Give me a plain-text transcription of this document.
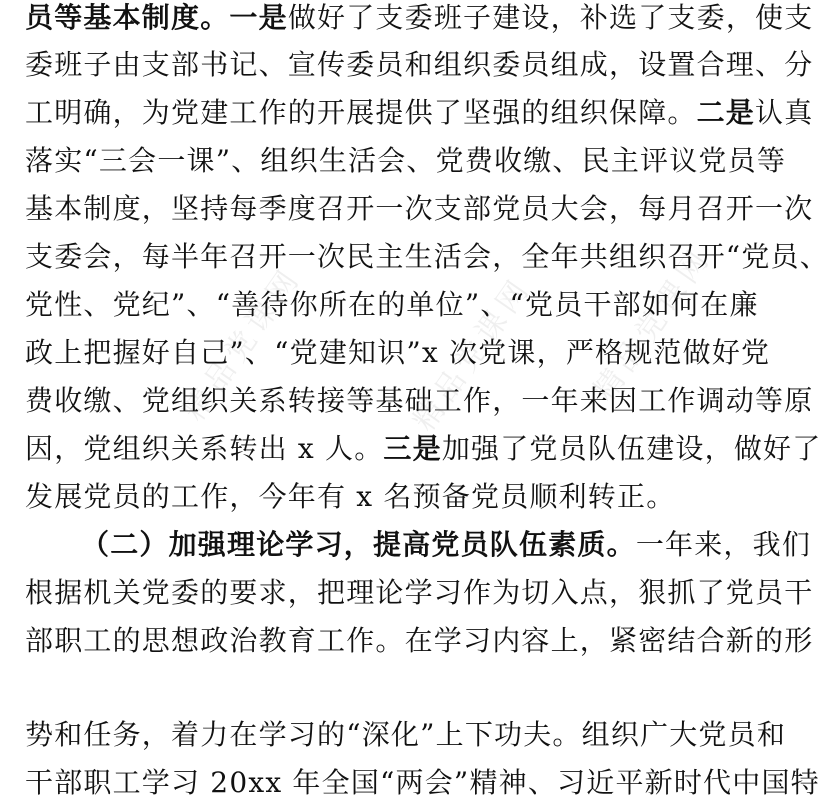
精品党课网	精品党课网 精品党课网
员等基本制度。一是做好了支委班子建设，补选了支委，使支
委班子由支部书记、宣传委员和组织委员组成，设置合理、分
工明确，为党建工作的开展提供了坚强的组织保障。二是认真
落实“三会一课”、组织生活会、党费收缴、民主评议党员等
基本制度，坚持每季度召开一次支部党员大会，每月召开一次
支委会，每半年召开一次民主生活会，全年共组织召开“党员、
党性、党纪”、“善待你所在的单位”、“党员干部如何在廉
政上把握好自己”、“党建知识”x 次党课，严格规范做好党
费收缴、党组织关系转接等基础工作，一年来因工作调动等原
因，党组织关系转出 x 人。三是加强了党员队伍建设，做好了
发展党员的工作，今年有 x 名预备党员顺利转正。
（二）加强理论学习，提高党员队伍素质。一年来，我们
根据机关党委的要求，把理论学习作为切入点，狠抓了党员干
部职工的思想政治教育工作。在学习内容上，紧密结合新的形
势和任务，着力在学习的“深化”上下功夫。组织广大党员和
干部职工学习 20xx 年全国“两会”精神、习近平新时代中国特
